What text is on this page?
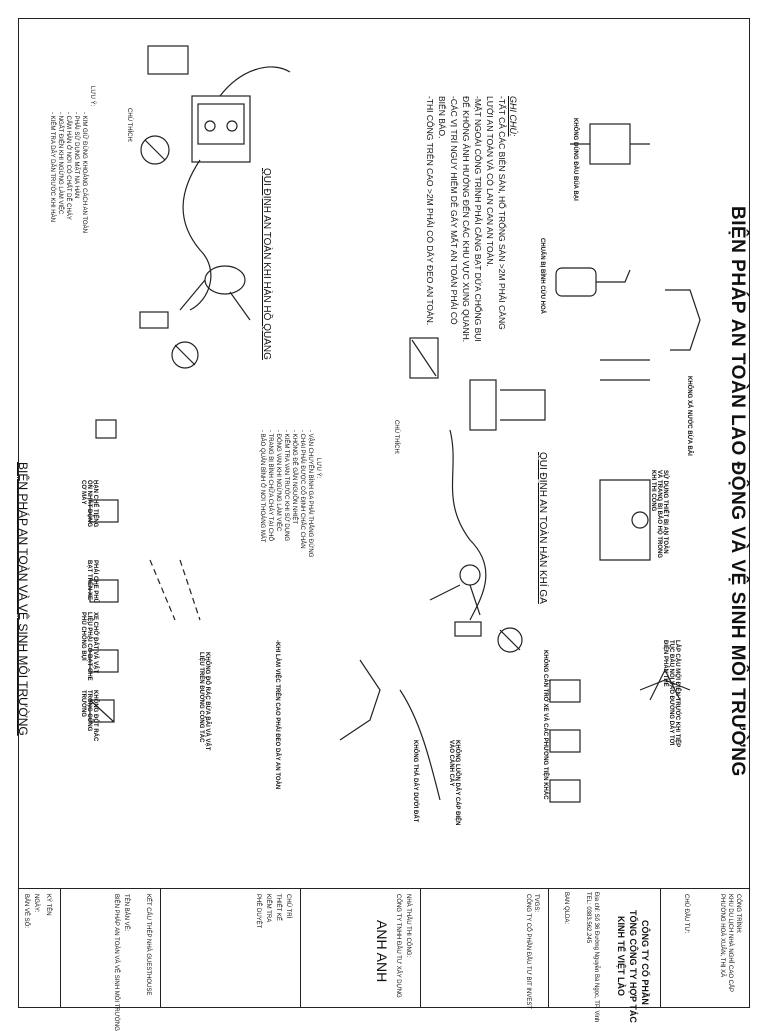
BIỆN PHÁP AN TOÀN LAO ĐỘNG VÀ VỆ SINH MÔI TRƯỜNG
BIỆN PHÁP AN TOÀN VÀ VỆ SINH MÔI TRƯỜNG
QUI ĐỊNH AN TOÀN KHI HÀN HỒ QUANG
QUI ĐỊNH AN TOÀN HÀN KHÍ GA
GHI CHÚ:
-TẤT CẢ CÁC BIÊN SÀN, HỐ TRỐNG SÀN >2M PHẢI CĂNG LƯỚI AN TOÀN VÀ CÓ LAN CAN AN TOÀN.
-MẶT NGOÀI CÔNG TRÌNH PHẢI CĂNG BẠT DỨA CHỐNG BỤI ĐỂ KHÔNG ẢNH HƯỞNG ĐẾN CÁC KHU VỰC XUNG QUANH.
-CÁC VỊ TRÍ NGUY HIỂM DỄ GÂY MẤT AN TOÀN PHẢI CÓ BIỂN BÁO.
-THI CÔNG TRÊN CAO >2M PHẢI CÓ DÂY ĐEO AN TOÀN.
CHÚ THÍCH:
LƯU Ý:
- KIM GIỮ ĐÚNG KHOẢNG CÁCH AN TOÀN
- PHẢI SỬ DỤNG MẶT NẠ HÀN
- CẤM HÀN Ở NƠI CÓ CHẤT DỄ CHÁY
- NGẮT ĐIỆN KHI NGỪNG LÀM VIỆC
- KIỂM TRA DÂY DẪN TRƯỚC KHI HÀN
LƯU Ý:
- VẬN CHUYỂN BÌNH GA PHẢI THẲNG ĐỨNG
- CHAI PHẢI ĐƯỢC CỐ ĐỊNH CHẮC CHẮN
- KHÔNG ĐỂ GẦN NGUỒN NHIỆT
- KIỂM TRA VAN TRƯỚC KHI SỬ DỤNG
- ĐÓNG VAN KHI NGỪNG LÀM VIỆC
- TRANG BỊ BÌNH CHỮA CHÁY TẠI CHỖ
- BẢO QUẢN BÌNH Ở NƠI THOÁNG MÁT	CHÚ THÍCH:
KHÔNG DÙNG ĐẦU BÚA BẠI
CHUẨN BỊ BÌNH CỨU HOẢ
KHÔNG XẢ NƯỚC BỪA BÃI
SỬ DỤNG THIẾT BỊ AN TOÀN VÀ TRANG BỊ BẢO HỘ TRONG KHI THI CÔNG
LẮP CẦU MỚI ĐIỆN TRƯỚC KHI TIẾP TỤC ĐẦU NỐI VÀO ĐƯỜNG DÂY TỚI ĐIỆN PHÂN THẾ
KHÔNG CĂN TRỞ XE VÀ CÁC PHƯƠNG TIỆN KHÁC
KHÔNG LUỒN DÂY CÁP ĐIỆN VÀO CÀNH CÂY
KHÔNG THẢ DÂY DƯỚI ĐẤT
HẠN CHẾ TIẾNG ỒN NHẤT ĐỘNG CƠ MÁY
PHẢI CHE PHỦ BẠT TRÊN XE
XE CHỞ ĐẤT VÀ VẬT LIỆU PHẢI CÓ BẠT CHE PHỦ CHỐNG BỤI
KHÔNG ĐỐT RÁC TRONG CÔNG TRƯỜNG	KHÔNG ĐỔ RÁC BỪA BÃI VÀ VẬT LIỆU TRÊN ĐƯỜNG CÔNG TÁC	-KHI LÀM VIỆC TRÊN CAO PHẢI ĐEO DÂY AN TOÀN
CÔNG TRÌNH:
KHU DU LỊCH NHÀ NGHỈ CAO CẤP
PHƯỜNG HOÀ XUÂN, THỊ XÃ
CHỦ ĐẦU TƯ:
CÔNG TY CỔ PHẦN
TỔNG CÔNG TY HỢP TÁC
KINH TẾ VIỆT LÀO
Địa chỉ: Số 36 Đường Nguyễn Bá Ngọc, TP. Vinh
TEL: 0383.562.245
BAN QLDA:
TVGS:
CÔNG TY CỔ PHẦN ĐẦU TƯ BIT INVEST
NHÀ THẦU THI CÔNG:
CÔNG TY TNHH ĐẦU TƯ XÂY DỰNG
ANH ANH
CHỦ TRÌ
THIẾT KẾ
KIỂM TRA
PHÊ DUYỆT
KẾT CẤU THÉP NHÀ GUESTHOUSE
TÊN BẢN VẼ:
BIỆN PHÁP AN TOÀN VÀ VỆ SINH MÔI TRƯỜNG
KÝ TÊN
NGÀY:
BẢN VẼ SỐ:
